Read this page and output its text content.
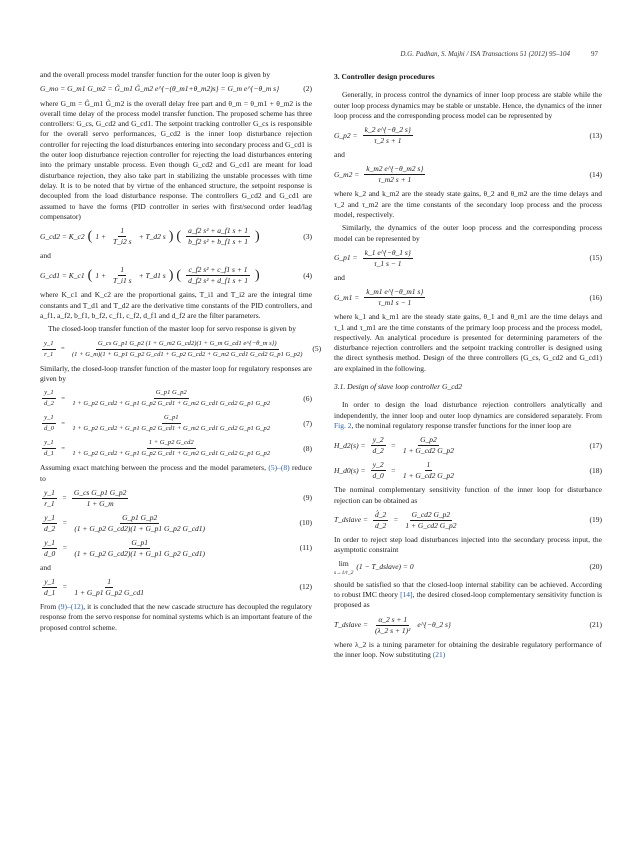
D.G. Padhan, S. Majhi / ISA Transactions 51 (2012) 95–104	97

and the overall process model transfer function for the outer loop is given by

G_mo = G_m1 G_m2 = G̃_m1 G̃_m2 e^{−(θ_m1+θ_m2)s} = G_m e^{−θ_m s}	(2)

where G_m = G̃_m1 G̃_m2 is the overall delay free part and θ_m = θ_m1 + θ_m2 is the overall time delay of the process model transfer function. The proposed scheme has three controllers: G_cs, G_cd2 and G_cd1. The setpoint tracking controller G_cs is responsible for the overall servo performances, G_cd2 is the inner loop disturbance rejection controller for rejecting the load disturbances entering into secondary process and G_cd1 is the outer loop disturbance rejection controller for rejecting the load disturbances entering into the primary unstable process. Even though G_cd2 and G_cd1 are meant for load disturbance rejection, they also take part in stabilizing the unstable processes with time delay. It is to be noted that by virtue of the enhanced structure, the setpoint response is decoupled from the load disturbance response. The controllers G_cd2 and G_cd1 are assumed to have the forms (PID controller in series with first/second order lead/lag compensator)

G_cd2 = K_c2 ( $1 + \frac{1}{T\_i2 s}$ + T_d2 s ) ( $\frac{\text{a\_f2 s² + a\_f1 s + 1}}{\text{b\_f2 s² + b\_f1 s + 1}}$ )	(3)

and

G_cd1 = K_c1 ( $1 + \frac{1}{T\_i1 s}$ + T_d1 s ) ( $\frac{\text{c\_f2 s² + c\_f1 s + 1}}{\text{d\_f2 s² + d\_f1 s + 1}}$ )	(4)

where K_c1 and K_c2 are the proportional gains, T_i1 and T_i2 are the integral time constants and T_d1 and T_d2 are the derivative time constants of the PID controllers, and a_f1, a_f2, b_f1, b_f2, c_f1, c_f2, d_f1 and d_f2 are the filter parameters.

The closed-loop transfer function of the master loop for servo response is given by

$\frac{y\_1}{r\_1}$ =
G_cs G_p1 G_p2 (1 + G_m2 G_cd2)(1 + G_m G_cd1 e^{−θ_m s})
(1 + G_m)(1 + G_p1 G_p2 G_cd1 + G_p2 G_cd2 + G_m2 G_cd1 G_cd2 G_p1 G_p2)
(5)

Similarly, the closed-loop transfer function of the master loop for regulatory responses are given by

$\frac{y\_1}{d\_2}$ =
G_p1 G_p2
1 + G_p2 G_cd2 + G_p1 G_p2 G_cd1 + G_m2 G_cd1 G_cd2 G_p1 G_p2
(6)
$\frac{y\_1}{d\_0}$ =
G_p1
1 + G_p2 G_cd2 + G_p1 G_p2 G_cd1 + G_m2 G_cd1 G_cd2 G_p1 G_p2
(7)
$\frac{y\_1}{d\_1}$ =
1 + G_p2 G_cd2
1 + G_p2 G_cd2 + G_p1 G_p2 G_cd1 + G_m2 G_cd1 G_cd2 G_p1 G_p2
(8)

Assuming exact matching between the process and the model parameters, (5)–(8) reduce to

$\frac{y\_1}{r\_1} = \frac{\text{G\_cs G\_p1 G\_p2}}{1 + G\_m}$	(9)
$\frac{y\_1}{d\_2} = \frac{G\_p1 G\_p2}{(1 + G\_p2 G\_cd2)(1 + G\_p1 G\_p2 G\_cd1)}$	(10)
$\frac{y\_1}{d\_0} = \frac{G\_p1}{(1 + G\_p2 G\_cd2)(1 + G\_p1 G\_p2 G\_cd1)}$	(11)

and

$\frac{y\_1}{d\_1} = \frac{1}{1 + G\_p1 G\_p2 G\_cd1}$	(12)

From (9)–(12), it is concluded that the new cascade structure has decoupled the regulatory response from the servo response for nominal systems which is an important feature of the proposed control scheme.

3. Controller design procedures

Generally, in process control the dynamics of inner loop process are stable while the outer loop process dynamics may be stable or unstable. Hence, the dynamics of the inner loop process and the corresponding process model can be represented by

G_p2 = $\frac{k\_2 e\^{}\{-\theta\_2 s\}}{\tau\_2 s + 1}$	(13)

and

G_m2 = $\frac{k\_m2 e\^{}\{-\theta\_m2 s\}}{\tau\_m2 s + 1}$	(14)

where k_2 and k_m2 are the steady state gains, θ_2 and θ_m2 are the time delays and τ_2 and τ_m2 are the time constants of the secondary loop process and the process model, respectively.

Similarly, the dynamics of the outer loop process and the corresponding process model can be represented by

G_p1 = $\frac{k\_1 e\^{}\{-\theta\_1 s\}}{\tau\_1 s - 1}$	(15)

and

G_m1 = $\frac{k\_m1 e\^{}\{-\theta\_m1 s\}}{\tau\_m1 s - 1}$	(16)

where k_1 and k_m1 are the steady state gains, θ_1 and θ_m1 are the time delays and τ_1 and τ_m1 are the time constants of the primary loop process and the process model, respectively. An analytical procedure is presented for determining parameters of the disturbance rejection controllers and the setpoint tracking controller is designed using the direct synthesis method. Design of the three controllers (G_cs, G_cd2 and G_cd1) are explained in the following.

3.1. Design of slave loop controller G_cd2

In order to design the load disturbance rejection controllers analytically and independently, the inner loop and outer loop dynamics are considered separately. From Fig. 2, the nominal regulatory response transfer functions for the inner loop are

H_d2(s) = $\frac{y\_2}{d\_2} = \frac{G\_p2}{1 + G\_cd2 G\_p2}$	(17)
H_d0(s) = $\frac{y\_2}{d\_0} = \frac{1}{1 + G\_cd2 G\_p2}$	(18)

The nominal complementary sensitivity function of the inner loop for disturbance rejection can be obtained as

T_dslave = $\frac{d̂\_2}{d\_2} = \frac{G\_cd2 G\_p2}{1 + G\_cd2 G\_p2}$	(19)

In order to reject step load disturbances injected into the secondary process input, the asymptotic constraint

lim
s→1/τ_2
(1 − T_dslave) = 0	(20)

should be satisfied so that the closed-loop internal stability can be achieved. According to robust IMC theory [14], the desired closed-loop complementary sensitivity function is proposed as

T_dslave = $\frac{\alpha\_2 s + 1}{\text{(λ\_2 s + 1)²}}$ e^{−θ_2 s}	(21)

where λ_2 is a tuning parameter for obtaining the desirable regulatory performance of the inner loop. Now substituting (21)
